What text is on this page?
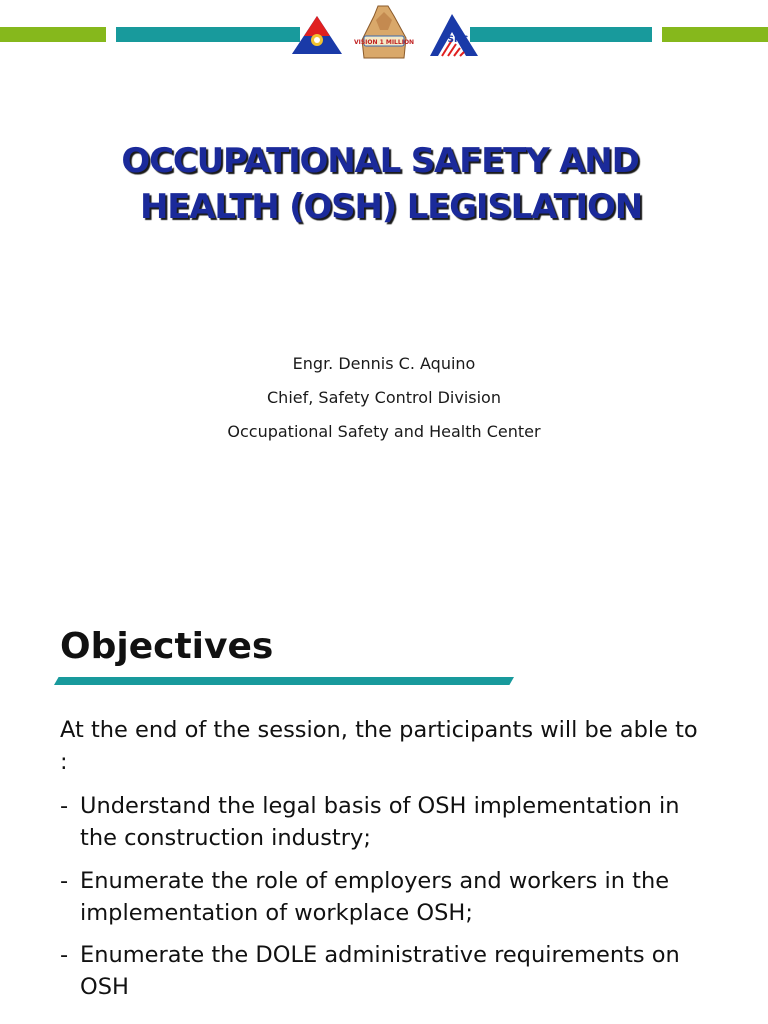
VISION 1 MILLION	OSHC
OCCUPATIONAL SAFETY AND
HEALTH (OSH) LEGISLATION
Engr. Dennis C. Aquino
Chief, Safety Control Division
Occupational Safety and Health Center
Objectives

At the end of the session, the participants will be able to :

- Understand the legal basis of OSH implementation in the construction industry;
- Enumerate the role of employers and workers in the implementation of workplace OSH;
- Enumerate the DOLE administrative requirements on OSH
